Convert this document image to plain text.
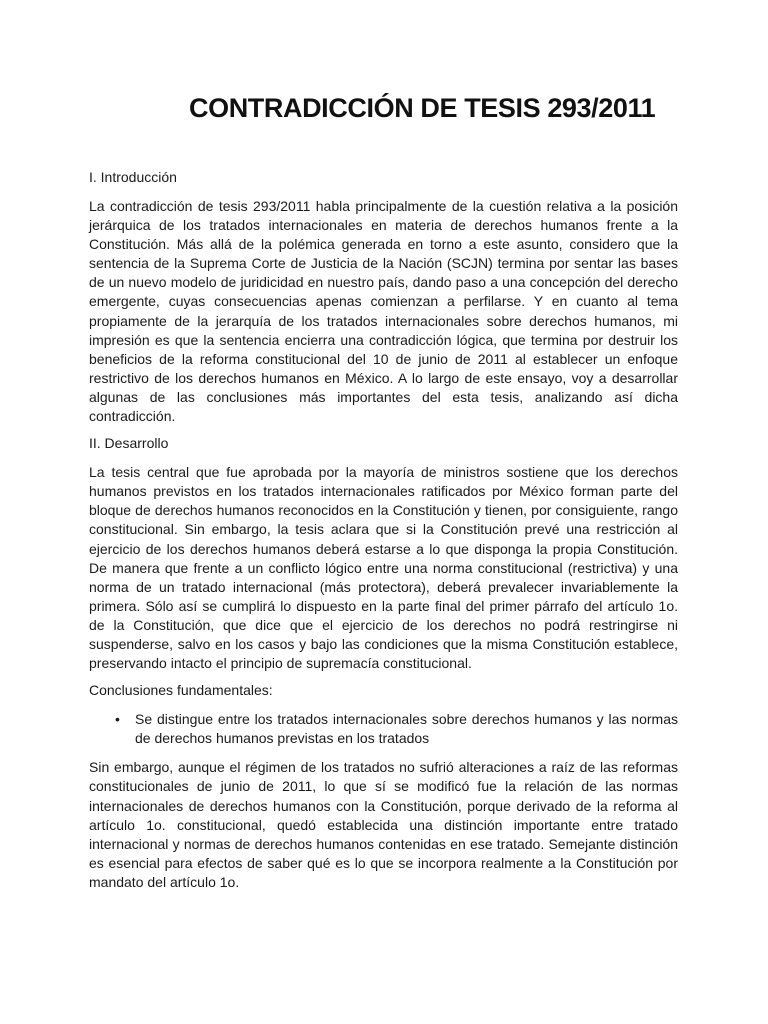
CONTRADICCIÓN DE TESIS 293/2011
I. Introducción

La contradicción de tesis 293/2011 habla principalmente de la cuestión relativa a la posición jerárquica de los tratados internacionales en materia de derechos humanos frente a la Constitución. Más allá de la polémica generada en torno a este asunto, considero que la sentencia de la Suprema Corte de Justicia de la Nación (SCJN) termina por sentar las bases de un nuevo modelo de juridicidad en nuestro país, dando paso a una concepción del derecho emergente, cuyas consecuencias apenas comienzan a perfilarse. Y en cuanto al tema propiamente de la jerarquía de los tratados internacionales sobre derechos humanos, mi impresión es que la sentencia encierra una contradicción lógica, que termina por destruir los beneficios de la reforma constitucional del 10 de junio de 2011 al establecer un enfoque restrictivo de los derechos humanos en México. A lo largo de este ensayo, voy a desarrollar algunas de las conclusiones más importantes del esta tesis, analizando así dicha contradicción.

II. Desarrollo

La tesis central que fue aprobada por la mayoría de ministros sostiene que los derechos humanos previstos en los tratados internacionales ratificados por México forman parte del bloque de derechos humanos reconocidos en la Constitución y tienen, por consiguiente, rango constitucional. Sin embargo, la tesis aclara que si la Constitución prevé una restricción al ejercicio de los derechos humanos deberá estarse a lo que disponga la propia Constitución. De manera que frente a un conflicto lógico entre una norma constitucional (restrictiva) y una norma de un tratado internacional (más protectora), deberá prevalecer invariablemente la primera. Sólo así se cumplirá lo dispuesto en la parte final del primer párrafo del artículo 1o. de la Constitución, que dice que el ejercicio de los derechos no podrá restringirse ni suspenderse, salvo en los casos y bajo las condiciones que la misma Constitución establece, preservando intacto el principio de supremacía constitucional.

Conclusiones fundamentales:
• Se distingue entre los tratados internacionales sobre derechos humanos y las normas de derechos humanos previstas en los tratados

Sin embargo, aunque el régimen de los tratados no sufrió alteraciones a raíz de las reformas constitucionales de junio de 2011, lo que sí se modificó fue la relación de las normas internacionales de derechos humanos con la Constitución, porque derivado de la reforma al artículo 1o. constitucional, quedó establecida una distinción importante entre tratado internacional y normas de derechos humanos contenidas en ese tratado. Semejante distinción es esencial para efectos de saber qué es lo que se incorpora realmente a la Constitución por mandato del artículo 1o.
